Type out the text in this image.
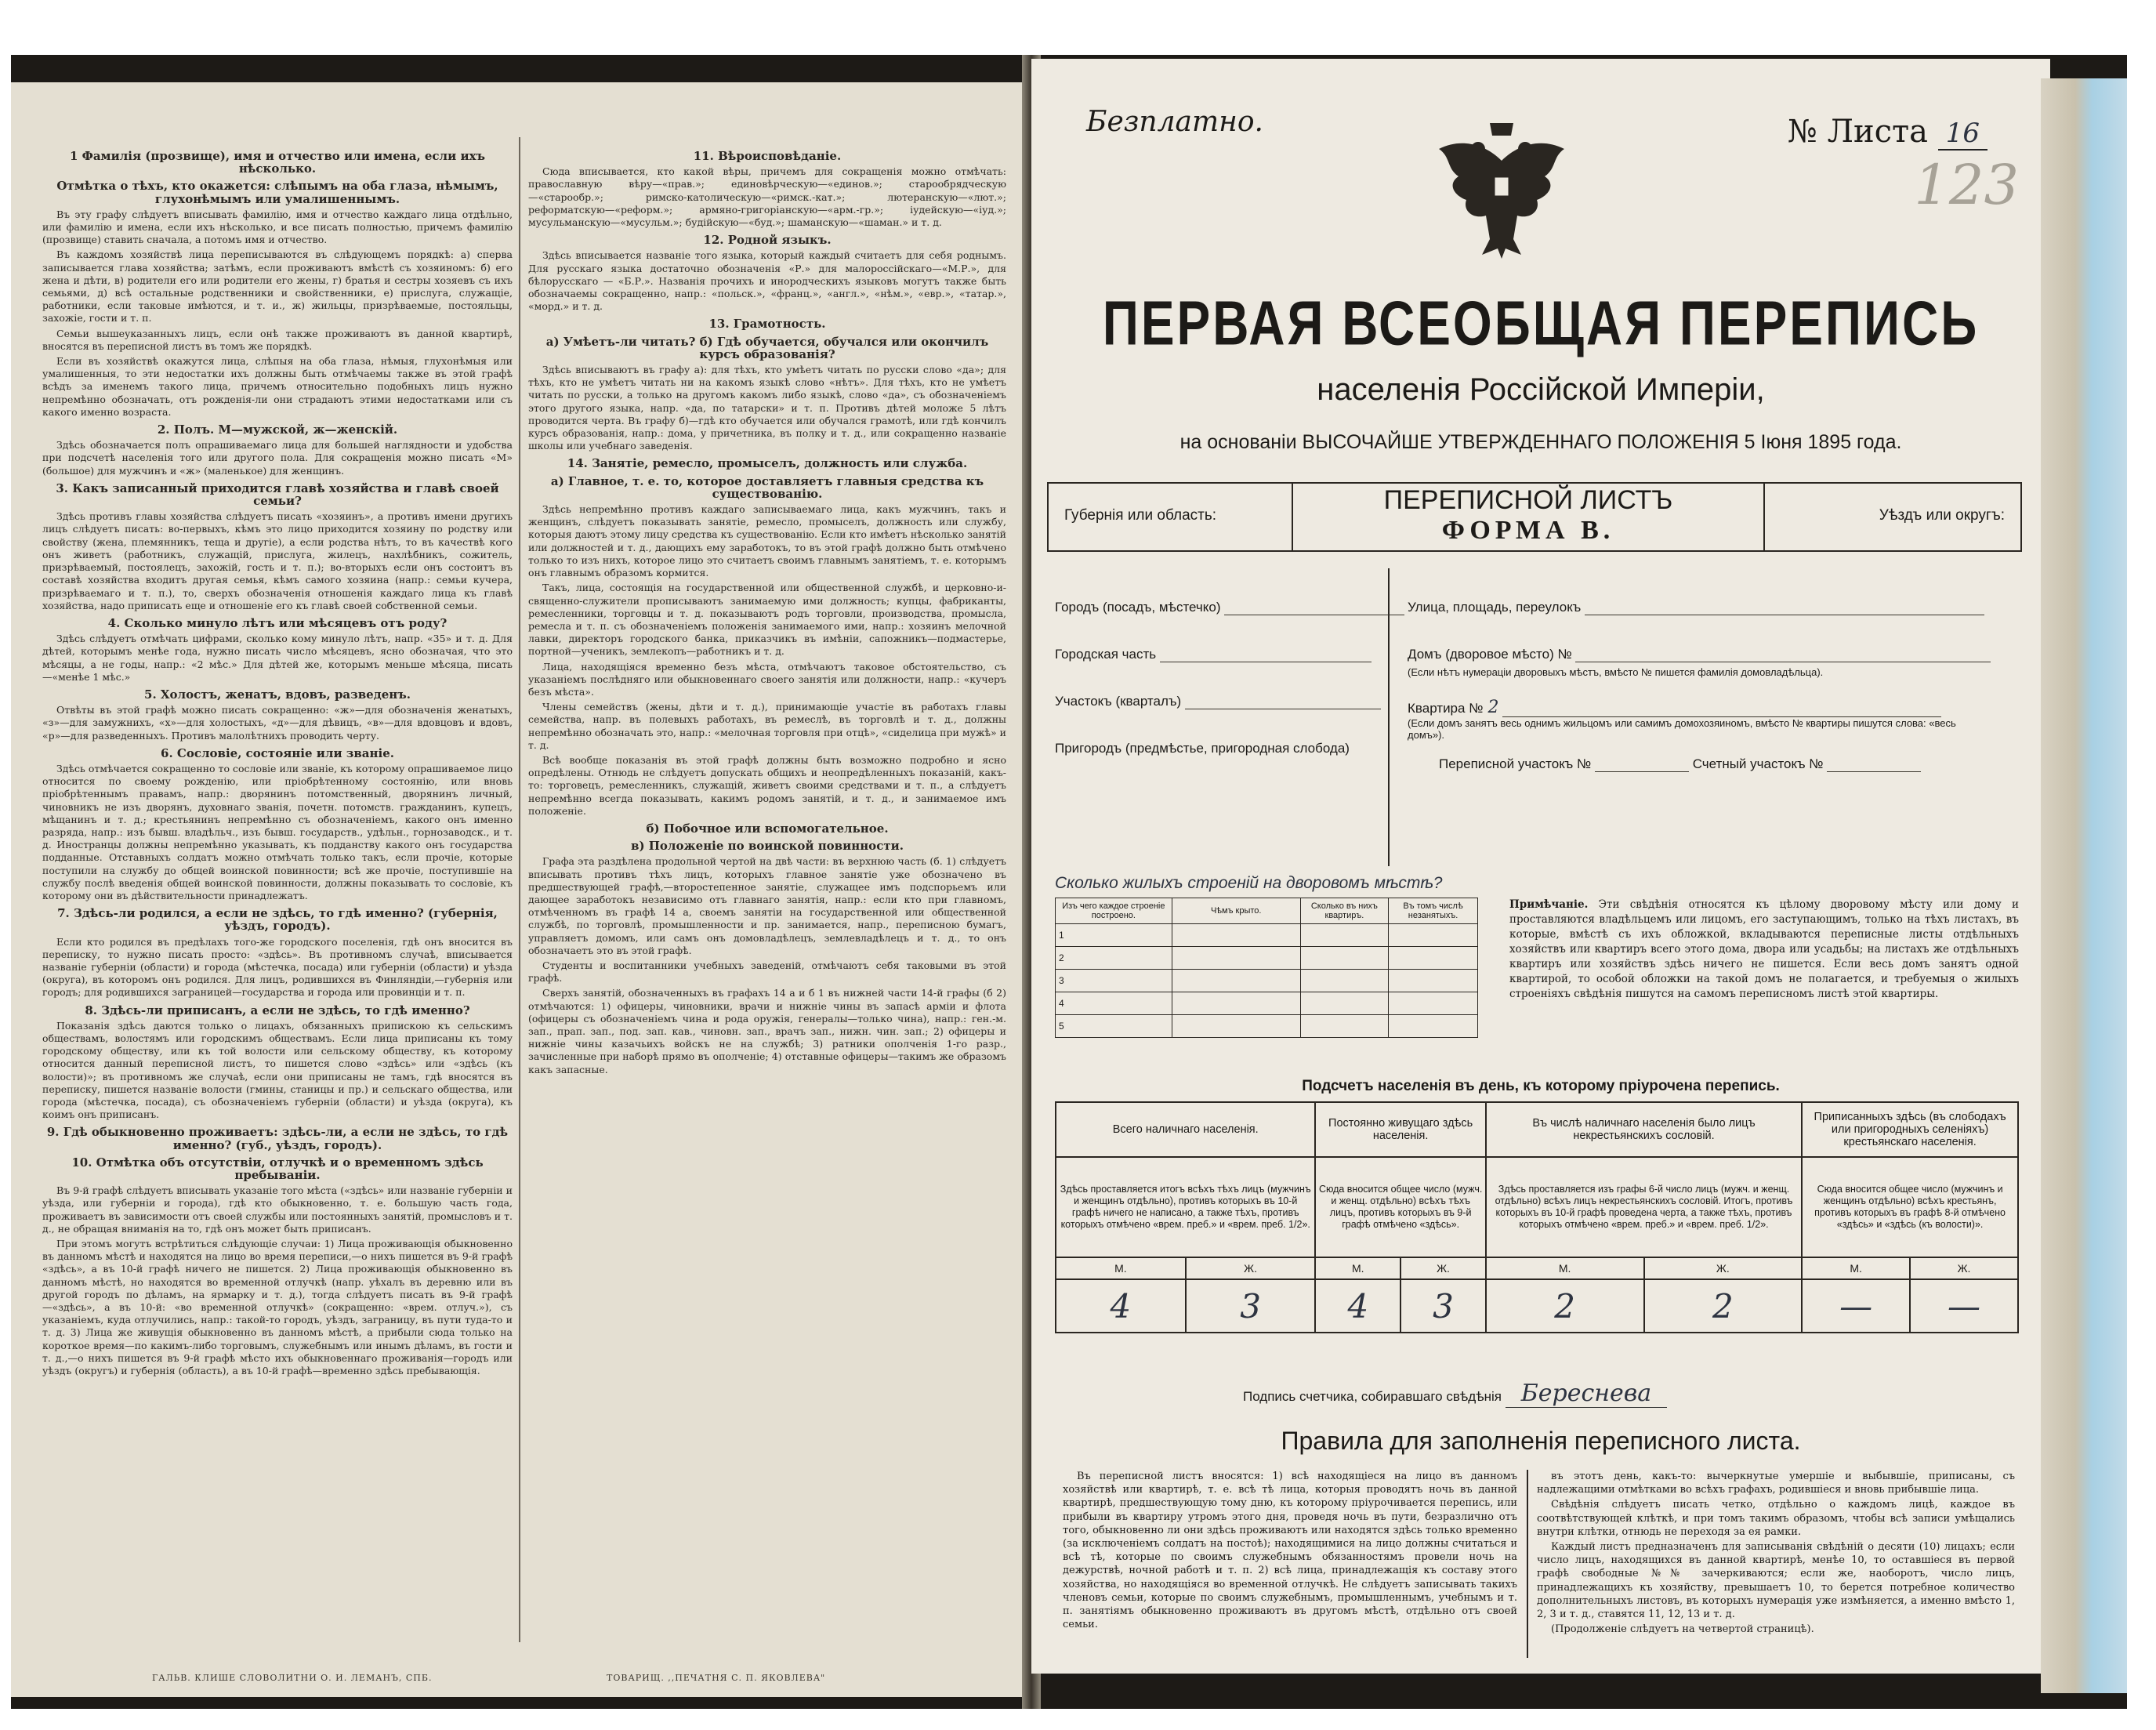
1 Фамилія (прозвище), имя и отчество или имена, если ихъ нѣсколько.
Отмѣтка о тѣхъ, кто окажется: слѣпымъ на оба глаза, нѣмымъ, глухонѣмымъ или умалишеннымъ.

Въ эту графу слѣдуетъ вписывать фамилію, имя и отчество каждаго лица отдѣльно, или фамилію и имена, если ихъ нѣсколько, и все писать полностью, причемъ фамилію (прозвище) ставить сначала, а потомъ имя и отчество.

Въ каждомъ хозяйствѣ лица переписываются въ слѣдующемъ порядкѣ: а) сперва записывается глава хозяйства; затѣмъ, если проживаютъ вмѣстѣ съ хозяиномъ: б) его жена и дѣти, в) родители его или родители его жены, г) братья и сестры хозяевъ съ ихъ семьями, д) всѣ остальные родственники и свойственники, е) прислуга, служащіе, работники, если таковые имѣются, и т. и., ж) жильцы, призрѣваемые, постояльцы, захожіе, гости и т. п.

Семьи вышеуказанныхъ лицъ, если онѣ также проживаютъ въ данной квартирѣ, вносятся въ переписной листъ въ томъ же порядкѣ.

Если въ хозяйствѣ окажутся лица, слѣпыя на оба глаза, нѣмыя, глухонѣмыя или умалишенныя, то эти недостатки ихъ должны быть отмѣчаемы также въ этой графѣ всѣдъ за именемъ такого лица, причемъ относительно подобныхъ лицъ нужно непремѣнно обозначать, отъ рожденія-ли они страдаютъ этими недостатками или съ какого именно возраста.

2. Полъ. М—мужской, ж—женскій.

Здѣсь обозначается полъ опрашиваемаго лица для большей наглядности и удобства при подсчетѣ населенія того или другого пола. Для сокращенія можно писать «М» (большое) для мужчинъ и «ж» (маленькое) для женщинъ.

3. Какъ записанный приходится главѣ хозяйства и главѣ своей семьи?

Здѣсь противъ главы хозяйства слѣдуетъ писать «хозяинъ», а противъ имени другихъ лицъ слѣдуетъ писать: во-первыхъ, кѣмъ это лицо приходится хозяину по родству или свойству (жена, племянникъ, теща и другіе), а если родства нѣтъ, то въ качествѣ кого онъ живетъ (работникъ, служащій, прислуга, жилецъ, нахлѣбникъ, сожитель, призрѣваемый, постоялецъ, захожій, гость и т. п.); во-вторыхъ если онъ состоитъ въ составѣ хозяйства входитъ другая семья, кѣмъ самого хозяина (напр.: семьи кучера, призрѣваемаго и т. п.), то, сверхъ обозначенія отношенія каждаго лица къ главѣ хозяйства, надо приписать еще и отношеніе его къ главѣ своей собственной семьи.

4. Сколько минуло лѣтъ или мѣсяцевъ отъ роду?

Здѣсь слѣдуетъ отмѣчать цифрами, сколько кому минуло лѣтъ, напр. «35» и т. д. Для дѣтей, которымъ менѣе года, нужно писать число мѣсяцевъ, ясно обозначая, что это мѣсяцы, а не годы, напр.: «2 мѣс.» Для дѣтей же, которымъ меньше мѣсяца, писать—«менѣе 1 мѣс.»

5. Холостъ, женатъ, вдовъ, разведенъ.

Отвѣты въ этой графѣ можно писать сокращенно: «ж»—для обозначенія женатыхъ, «з»—для замужнихъ, «х»—для холостыхъ, «д»—для дѣвицъ, «в»—для вдовцовъ и вдовъ, «р»—для разведенныхъ. Противъ малолѣтнихъ проводить черту.

6. Сословіе, состояніе или званіе.

Здѣсь отмѣчается сокращенно то сословіе или званіе, къ которому опрашиваемое лицо относится по своему рожденію, или пріобрѣтенному состоянію, или вновь пріобрѣтеннымъ правамъ, напр.: дворянинъ потомственный, дворянинъ личный, чиновникъ не изъ дворянъ, духовнаго званія, почетн. потомств. гражданинъ, купецъ, мѣщанинъ и т. д.; крестьянинъ непремѣнно съ обозначеніемъ, какого онъ именно разряда, напр.: изъ бывш. владѣльч., изъ бывш. государств., удѣльн., горнозаводск., и т. д. Иностранцы должны непремѣнно указывать, къ подданству какого онъ государства подданные. Отставныхъ солдатъ можно отмѣчать только такъ, если прочіе, которые поступили на службу до общей воинской повинности; всѣ же прочіе, поступившіе на службу послѣ введенія общей воинской повинности, должны показывать то сословіе, къ которому они въ дѣйствительности принадлежатъ.

7. Здѣсь-ли родился, а если не здѣсь, то гдѣ именно? (губернія, уѣздъ, городъ).

Если кто родился въ предѣлахъ того-же городского поселенія, гдѣ онъ вносится въ переписку, то нужно писать просто: «здѣсь». Въ противномъ случаѣ, вписывается названіе губерніи (области) и города (мѣстечка, посада) или губерніи (области) и уѣзда (округа), въ которомъ онъ родился. Для лицъ, родившихся въ Финляндіи,—губернія или городъ; для родившихся заграницей—государства и города или провинціи и т. п.

8. Здѣсь-ли приписанъ, а если не здѣсь, то гдѣ именно?

Показанія здѣсь даются только о лицахъ, обязанныхъ припискою къ сельскимъ обществамъ, волостямъ или городскимъ обществамъ. Если лица приписаны къ тому городскому обществу, или къ той волости или сельскому обществу, къ которому относится данный переписной листъ, то пишется слово «здѣсь» или «здѣсь (къ волости)»; въ противномъ же случаѣ, если они приписаны не тамъ, гдѣ вносятся въ переписку, пишется названіе волости (гмины, станицы и пр.) и сельскаго общества, или города (мѣстечка, посада), съ обозначеніемъ губерніи (области) и уѣзда (округа), къ коимъ онъ приписанъ.

9. Гдѣ обыкновенно проживаетъ: здѣсь-ли, а если не здѣсь, то гдѣ именно? (губ., уѣздъ, городъ).
10. Отмѣтка объ отсутствіи, отлучкѣ и о временномъ здѣсь пребываніи.

Въ 9-й графѣ слѣдуетъ вписывать указаніе того мѣста («здѣсь» или названіе губерніи и уѣзда, или губерніи и города), гдѣ кто обыкновенно, т. е. большую часть года, проживаетъ въ зависимости отъ своей службы или постоянныхъ занятій, промысловъ и т. д., не обращая вниманія на то, гдѣ онъ может быть приписанъ.

При этомъ могутъ встрѣтиться слѣдующіе случаи: 1) Лица проживающія обыкновенно въ данномъ мѣстѣ и находятся на лицо во время переписи,—о нихъ пишется въ 9-й графѣ «здѣсь», а въ 10-й графѣ ничего не пишется. 2) Лица проживающія обыкновенно въ данномъ мѣстѣ, но находятся во временной отлучкѣ (напр. уѣхалъ въ деревню или въ другой городъ по дѣламъ, на ярмарку и т. д.), тогда слѣдуетъ писать въ 9-й графѣ—«здѣсь», а въ 10-й: «во временной отлучкѣ» (сокращенно: «врем. отлуч.»), съ указаніемъ, куда отлучились, напр.: такой-то городъ, уѣздъ, заграницу, въ пути туда-то и т. д. 3) Лица же живущія обыкновенно въ данномъ мѣстѣ, а прибыли сюда только на короткое время—по какимъ-либо торговымъ, служебнымъ или инымъ дѣламъ, въ гости и т. д.,—о нихъ пишется въ 9-й графѣ мѣсто ихъ обыкновеннаго проживанія—городъ или уѣздъ (округъ) и губернія (область), а въ 10-й графѣ—временно здѣсь пребывающія.

11. Вѣроисповѣданіе.

Сюда вписывается, кто какой вѣры, причемъ для сокращенія можно отмѣчать: православную вѣру—«прав.»; единовѣрческую—«единов.»; старообрядческую—«старообр.»; римско-католическую—«римск.-кат.»; лютеранскую—«лют.»; реформатскую—«реформ.»; армяно-григоріанскую—«арм.-гр.»; іудейскую—«іуд.»; мусульманскую—«мусульм.»; будійскую—«буд.»; шаманскую—«шаман.» и т. д.

12. Родной языкъ.

Здѣсь вписывается названіе того языка, который каждый считаетъ для себя роднымъ. Для русскаго языка достаточно обозначенія «Р.» для малороссійскаго—«М.Р.», для бѣлорусскаго — «Б.Р.». Названія прочихъ и инородческихъ языковъ могутъ также быть обозначаемы сокращенно, напр.: «польск.», «франц.», «англ.», «нѣм.», «евр.», «татар.», «морд.» и т. д.

13. Грамотность.
а) Умѣетъ-ли читать? б) Гдѣ обучается, обучался или окончилъ курсъ образованія?

Здѣсь вписываютъ въ графу а): для тѣхъ, кто умѣетъ читать по русски слово «да»; для тѣхъ, кто не умѣетъ читать ни на какомъ языкѣ слово «нѣтъ». Для тѣхъ, кто не умѣетъ читать по русски, а только на другомъ какомъ либо языкѣ, слово «да», съ обозначеніемъ этого другого языка, напр. «да, по татарски» и т. п. Противъ дѣтей моложе 5 лѣтъ проводится черта. Въ графу б)—гдѣ кто обучается или обучался грамотѣ, или гдѣ кончилъ курсъ образованія, напр.: дома, у причетника, въ полку и т. д., или сокращенно названіе школы или учебнаго заведенія.

14. Занятіе, ремесло, промыселъ, должность или служба.
а) Главное, т. е. то, которое доставляетъ главныя средства къ существованію.

Здѣсь непремѣнно противъ каждаго записываемаго лица, какъ мужчинъ, такъ и женщинъ, слѣдуетъ показывать занятіе, ремесло, промыселъ, должность или службу, которыя даютъ этому лицу средства къ существованію. Если кто имѣетъ нѣсколько занятій или должностей и т. д., дающихъ ему заработокъ, то въ этой графѣ должно быть отмѣчено только то изъ нихъ, которое лицо это считаетъ своимъ главнымъ занятіемъ, т. е. которымъ онъ главнымъ образомъ кормится.

Такъ, лица, состоящія на государственной или общественной службѣ, и церковно-и-священно-служители прописываютъ занимаемую ими должность; купцы, фабриканты, ремесленники, торговцы и т. д. показываютъ родъ торговли, производства, промысла, ремесла и т. п. съ обозначеніемъ положенія занимаемого ими, напр.: хозяинъ мелочной лавки, директоръ городского банка, приказчикъ въ имѣніи, сапожникъ—подмастерье, портной—ученикъ, землекопъ—работникъ и т. д.

Лица, находящіяся временно безъ мѣста, отмѣчаютъ таковое обстоятельство, съ указаніемъ послѣдняго или обыкновеннаго своего занятія или должности, напр.: «кучеръ безъ мѣста».

Члены семействъ (жены, дѣти и т. д.), принимающіе участіе въ работахъ главы семейства, напр. въ полевыхъ работахъ, въ ремеслѣ, въ торговлѣ и т. д., должны непремѣнно обозначать это, напр.: «мелочная торговля при отцѣ», «сиделица при мужѣ» и т. д.

Всѣ вообще показанія въ этой графѣ должны быть возможно подробно и ясно опредѣлены. Отнюдь не слѣдуетъ допускать общихъ и неопредѣленныхъ показаній, какъ-то: торговецъ, ремесленникъ, служащій, живетъ своими средствами и т. п., а слѣдуетъ непремѣнно всегда показывать, какимъ родомъ занятій, и т. д., и занимаемое имъ положеніе.

б) Побочное или вспомогательное.
в) Положеніе по воинской повинности.

Графа эта раздѣлена продольной чертой на двѣ части: въ верхнюю часть (б. 1) слѣдуетъ вписывать противъ тѣхъ лицъ, которыхъ главное занятіе уже обозначено въ предшествующей графѣ,—второстепенное занятіе, служащее имъ подспорьемъ или дающее заработокъ независимо отъ главнаго занятія, напр.: если кто при главномъ, отмѣченномъ въ графѣ 14 а, своемъ занятіи на государственной или общественной службѣ, по торговлѣ, промышленности и пр. занимается, напр., переписною бумагъ, управляетъ домомъ, или самъ онъ домовладѣлецъ, землевладѣлецъ и т. д., то онъ обозначаетъ это въ этой графѣ.

Студенты и воспитанники учебныхъ заведеній, отмѣчаютъ себя таковыми въ этой графѣ.

Сверхъ занятій, обозначенныхъ въ графахъ 14 а и б 1 въ нижней части 14-й графы (б 2) отмѣчаются: 1) офицеры, чиновники, врачи и нижніе чины въ запасѣ арміи и флота (офицеры съ обозначеніемъ чина и рода оружія, генералы—только чина), напр.: ген.-м. зап., прап. зап., под. зап. кав., чиновн. зап., врачъ зап., нижн. чин. зап.; 2) офицеры и нижніе чины казачьихъ войскъ не на службѣ; 3) ратники ополченія 1-го разр., зачисленные при наборѣ прямо въ ополченіе; 4) отставные офицеры—такимъ же образомъ какъ запасные.

ГАЛЬВ. КЛИШЕ СЛОВОЛИТНИ О. И. ЛЕМАНЪ, СПБ.	ТОВАРИЩ. ,,ПЕЧАТНЯ С. П. ЯКОВЛЕВА"
Безплатно.	№ Листа 16
123
ПЕРВАЯ ВСЕОБЩАЯ ПЕРЕПИСЬ
населенія Россійской Имперіи,
на основаніи ВЫСОЧАЙШЕ УТВЕРЖДЕННАГО ПОЛОЖЕНІЯ 5 Іюня 1895 года.
Губернія или область:
ПЕРЕПИСНОЙ ЛИСТЪ
ФОРМА В.
Уѣздъ или округъ:
Городъ (посадъ, мѣстечко)
Городская часть
Участокъ (кварталъ)
Пригородъ (предмѣстье, пригородная слобода)
Улица, площадь, переулокъ
Домъ (дворовое мѣсто) №
(Если нѣтъ нумераціи дворовыхъ мѣстъ, вмѣсто № пишется фамилія домовладѣльца).
Квартира № 2
(Если домъ занятъ весь однимъ жильцомъ или самимъ домохозяиномъ, вмѣсто № квартиры пишутся слова: «весь домъ»).
Переписной участокъ №	Счетный участокъ №
Сколько жилыхъ строеній на дворовомъ мѣстѣ?
Изъ чего каждое строеніе построено.	Чѣмъ крыто.	Сколько въ нихъ квартиръ.	Въ томъ числѣ незанятыхъ.
1			
2			
3			
4			
5			
Примѣчаніе. Эти свѣдѣнія относятся къ цѣлому дворовому мѣсту или дому и проставляются владѣльцемъ или лицомъ, его заступающимъ, только на тѣхъ листахъ, въ которые, вмѣстѣ съ ихъ обложкой, вкладываются переписные листы отдѣльныхъ хозяйствъ или квартиръ всего этого дома, двора или усадьбы; на листахъ же отдѣльныхъ квартиръ или хозяйствъ здѣсь ничего не пишется. Если весь домъ занятъ одной квартирой, то особой обложки на такой домъ не полагается, и требуемыя о жилыхъ строеніяхъ свѣдѣнія пишутся на самомъ переписномъ листѣ этой квартиры.
Подсчетъ населенія въ день, къ которому пріурочена перепись.
Всего наличнаго населенія.		Постоянно живущаго здѣсь населенія.		Въ числѣ наличнаго населенія было лицъ некрестьянскихъ сословій.		Приписанныхъ здѣсь (въ слободахъ или пригородныхъ селеніяхъ) крестьянскаго населенія.	
Здѣсь проставляется итогъ всѣхъ тѣхъ лицъ (мужчинъ и женщинъ отдѣльно), противъ которыхъ въ 10-й графѣ ничего не написано, а также тѣхъ, противъ которыхъ отмѣчено «врем. преб.» и «врем. преб. 1/2».		Сюда вносится общее число (мужч. и женщ. отдѣльно) всѣхъ тѣхъ лицъ, противъ которыхъ въ 9-й графѣ отмѣчено «здѣсь».		Здѣсь проставляется изъ графы 6-й число лицъ (мужч. и женщ. отдѣльно) всѣхъ лицъ некрестьянскихъ сословій. Итогъ, противъ которыхъ въ 10-й графѣ проведена черта, а также тѣхъ, противъ которыхъ отмѣчено «врем. преб.» и «врем. преб. 1/2».		Сюда вносится общее число (мужчинъ и женщинъ отдѣльно) всѣхъ крестьянъ, противъ которыхъ въ графѣ 8-й отмѣчено «здѣсь» и «здѣсь (къ волости)».	
М.	Ж.	М.	Ж.	М.	Ж.	М.	Ж.
4	3	4	3	2	2	—	—
Подпись счетчика, собиравшаго свѣдѣнія Береснева
Правила для заполненія переписного листа.

Въ переписной листъ вносятся: 1) всѣ находящіеся на лицо въ данномъ хозяйствѣ или квартирѣ, т. е. всѣ тѣ лица, которыя проводятъ ночь въ данной квартирѣ, предшествующую тому дню, къ которому пріурочивается перепись, или прибыли въ квартиру утромъ этого дня, проведя ночь въ пути, безразлично отъ того, обыкновенно ли они здѣсь проживаютъ или находятся здѣсь только временно (за исключеніемъ солдатъ на постоѣ); находящимися на лицо должны считаться и всѣ тѣ, которые по своимъ служебнымъ обязанностямъ провели ночь на дежурствѣ, ночной работѣ и т. п. 2) всѣ лица, принадлежащія къ составу этого хозяйства, но находящіяся во временной отлучкѣ. Не слѣдуетъ записывать такихъ членовъ семьи, которые по своимъ служебнымъ, промышленнымъ, учебнымъ и т. п. занятіямъ обыкновенно проживаютъ въ другомъ мѣстѣ, отдѣльно отъ своей семьи.

въ этотъ день, какъ-то: вычеркнутые умершіе и выбывшіе, приписаны, съ надлежащими отмѣтками во всѣхъ графахъ, родившіеся и вновь прибывшіе лица.

Свѣдѣнія слѣдуетъ писать четко, отдѣльно о каждомъ лицѣ, каждое въ соотвѣтствующей клѣткѣ, и при томъ такимъ образомъ, чтобы всѣ записи умѣщались внутри клѣтки, отнюдь не переходя за ея рамки.

Каждый листъ предназначенъ для записыванія свѣдѣній о десяти (10) лицахъ; если число лицъ, находящихся въ данной квартирѣ, менѣе 10, то оставшіеся въ первой графѣ свободные №№ зачеркиваются; если же, наоборотъ, число лицъ, принадлежащихъ къ хозяйству, превышаетъ 10, то берется потребное количество дополнительныхъ листовъ, въ которыхъ нумерація уже измѣняется, а именно вмѣсто 1, 2, 3 и т. д., ставятся 11, 12, 13 и т. д.

(Продолженіе слѣдуетъ на четвертой страницѣ).
